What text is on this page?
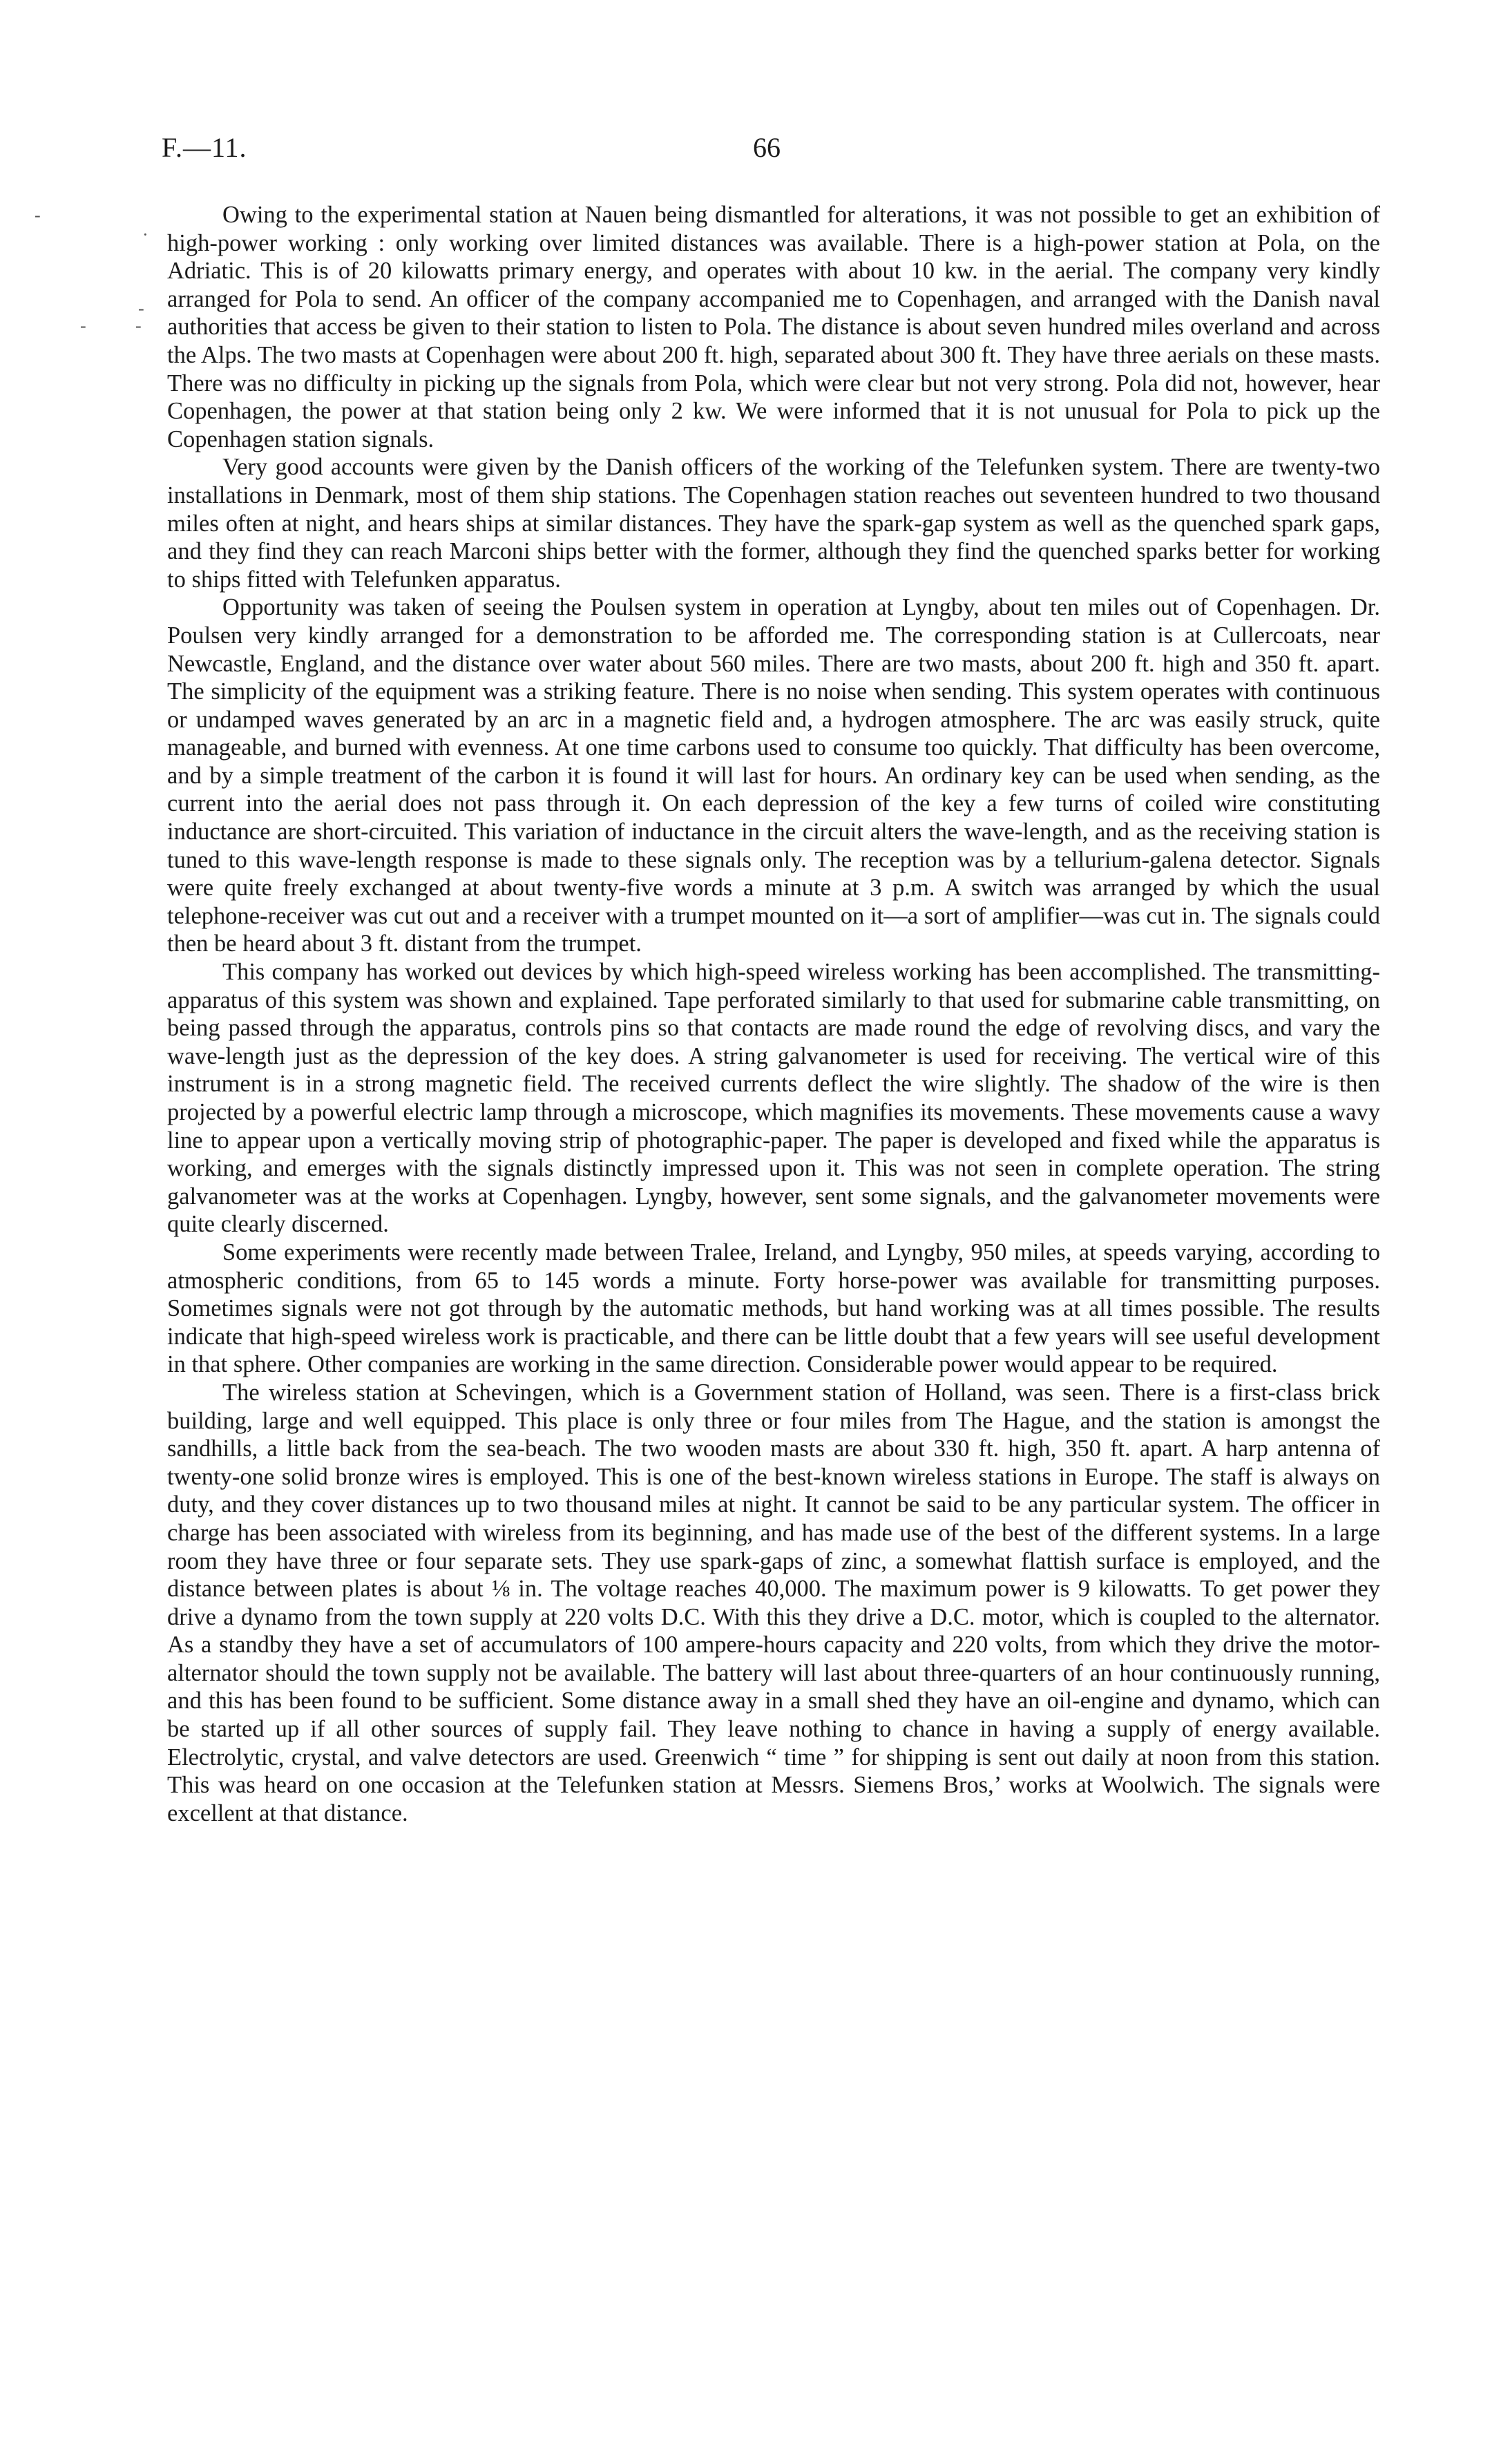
F.—11.	66
-
·
-
-	-

Owing to the experimental station at Nauen being dismantled for alterations, it was not possible to get an exhibition of high-power working : only working over limited distances was available. There is a high-power station at Pola, on the Adriatic. This is of 20 kilowatts primary energy, and operates with about 10 kw. in the aerial. The company very kindly arranged for Pola to send. An officer of the company accompanied me to Copenhagen, and arranged with the Danish naval authorities that access be given to their station to listen to Pola. The distance is about seven hundred miles overland and across the Alps. The two masts at Copenhagen were about 200 ft. high, separated about 300 ft. They have three aerials on these masts. There was no difficulty in picking up the signals from Pola, which were clear but not very strong. Pola did not, however, hear Copenhagen, the power at that station being only 2 kw. We were informed that it is not unusual for Pola to pick up the Copenhagen station signals.

Very good accounts were given by the Danish officers of the working of the Telefunken system. There are twenty-two installations in Denmark, most of them ship stations. The Copenhagen station reaches out seventeen hundred to two thousand miles often at night, and hears ships at similar distances. They have the spark-gap system as well as the quenched spark gaps, and they find they can reach Marconi ships better with the former, although they find the quenched sparks better for working to ships fitted with Telefunken apparatus.

Opportunity was taken of seeing the Poulsen system in operation at Lyngby, about ten miles out of Copenhagen. Dr. Poulsen very kindly arranged for a demonstration to be afforded me. The corresponding station is at Cullercoats, near Newcastle, England, and the distance over water about 560 miles. There are two masts, about 200 ft. high and 350 ft. apart. The simplicity of the equipment was a striking feature. There is no noise when sending. This system operates with continuous or undamped waves generated by an arc in a magnetic field and, a hydrogen atmosphere. The arc was easily struck, quite manageable, and burned with evenness. At one time carbons used to consume too quickly. That difficulty has been overcome, and by a simple treatment of the carbon it is found it will last for hours. An ordinary key can be used when sending, as the current into the aerial does not pass through it. On each depression of the key a few turns of coiled wire constituting inductance are short-circuited. This variation of inductance in the circuit alters the wave-length, and as the receiving station is tuned to this wave-length response is made to these signals only. The reception was by a tellurium-galena detector. Signals were quite freely exchanged at about twenty-five words a minute at 3 p.m. A switch was arranged by which the usual telephone-receiver was cut out and a receiver with a trumpet mounted on it—a sort of amplifier—was cut in. The signals could then be heard about 3 ft. distant from the trumpet.

This company has worked out devices by which high-speed wireless working has been accomplished. The transmitting-apparatus of this system was shown and explained. Tape perforated similarly to that used for submarine cable transmitting, on being passed through the apparatus, controls pins so that contacts are made round the edge of revolving discs, and vary the wave-length just as the depression of the key does. A string galvanometer is used for receiving. The vertical wire of this instrument is in a strong magnetic field. The received currents deflect the wire slightly. The shadow of the wire is then projected by a powerful electric lamp through a microscope, which magnifies its movements. These movements cause a wavy line to appear upon a vertically moving strip of photographic-paper. The paper is developed and fixed while the apparatus is working, and emerges with the signals distinctly impressed upon it. This was not seen in complete operation. The string galvanometer was at the works at Copenhagen. Lyngby, however, sent some signals, and the galvanometer movements were quite clearly discerned.

Some experiments were recently made between Tralee, Ireland, and Lyngby, 950 miles, at speeds varying, according to atmospheric conditions, from 65 to 145 words a minute. Forty horse-power was available for transmitting purposes. Sometimes signals were not got through by the automatic methods, but hand working was at all times possible. The results indicate that high-speed wireless work is practicable, and there can be little doubt that a few years will see useful development in that sphere. Other companies are working in the same direction. Considerable power would appear to be required.

The wireless station at Schevingen, which is a Government station of Holland, was seen. There is a first-class brick building, large and well equipped. This place is only three or four miles from The Hague, and the station is amongst the sandhills, a little back from the sea-beach. The two wooden masts are about 330 ft. high, 350 ft. apart. A harp antenna of twenty-one solid bronze wires is employed. This is one of the best-known wireless stations in Europe. The staff is always on duty, and they cover distances up to two thousand miles at night. It cannot be said to be any particular system. The officer in charge has been associated with wireless from its beginning, and has made use of the best of the different systems. In a large room they have three or four separate sets. They use spark-gaps of zinc, a somewhat flattish surface is employed, and the distance between plates is about ⅛ in. The voltage reaches 40,000. The maximum power is 9 kilowatts. To get power they drive a dynamo from the town supply at 220 volts D.C. With this they drive a D.C. motor, which is coupled to the alternator. As a standby they have a set of accumulators of 100 ampere-hours capacity and 220 volts, from which they drive the motor-alternator should the town supply not be available. The battery will last about three-quarters of an hour continuously running, and this has been found to be sufficient. Some distance away in a small shed they have an oil-engine and dynamo, which can be started up if all other sources of supply fail. They leave nothing to chance in having a supply of energy available. Electrolytic, crystal, and valve detectors are used. Greenwich “ time ” for shipping is sent out daily at noon from this station. This was heard on one occasion at the Telefunken station at Messrs. Siemens Bros,’ works at Woolwich. The signals were excellent at that distance.
